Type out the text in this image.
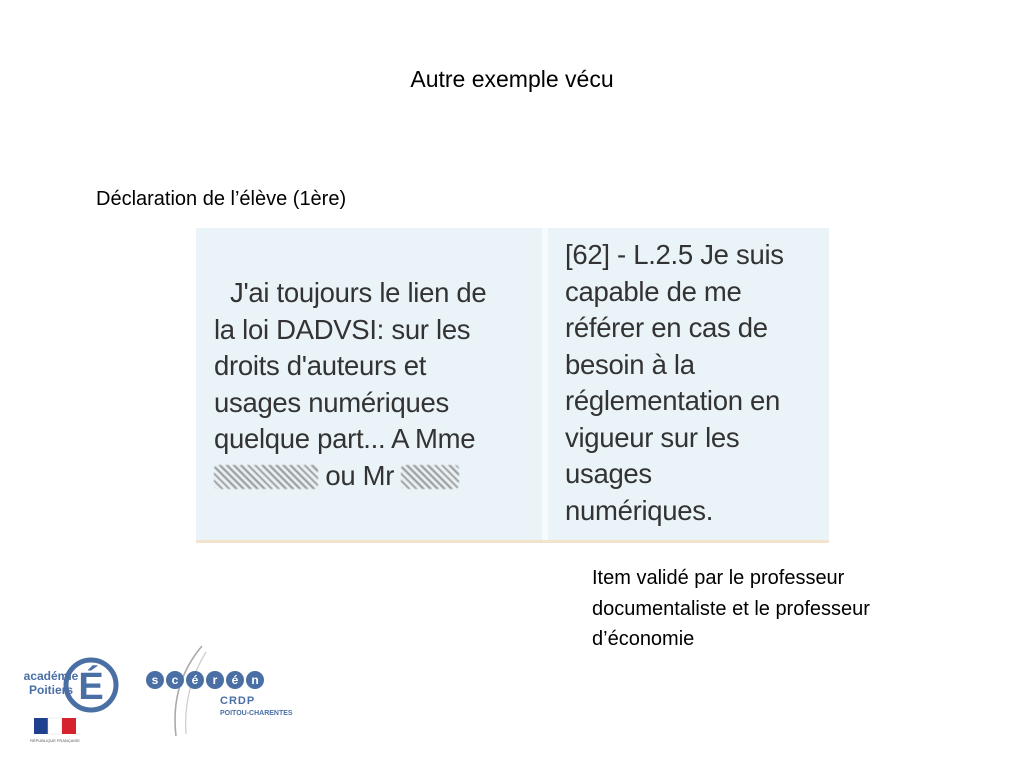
Autre exemple vécu
Déclaration de l’élève (1ère)
J'ai toujours le lien de
la loi DADVSI: sur les
droits d'auteurs et
usages numériques
quelque part... A Mme
ou Mr
[62] - L.2.5 Je suis
capable de me
référer en cas de
besoin à la
réglementation en
vigueur sur les
usages
numériques.
Item validé par le professeur documentaliste et le professeur d’économie
É
académie
Poitiers
RÉPUBLIQUE FRANÇAISE
s c é r é n
CRDP
POITOU-CHARENTES
